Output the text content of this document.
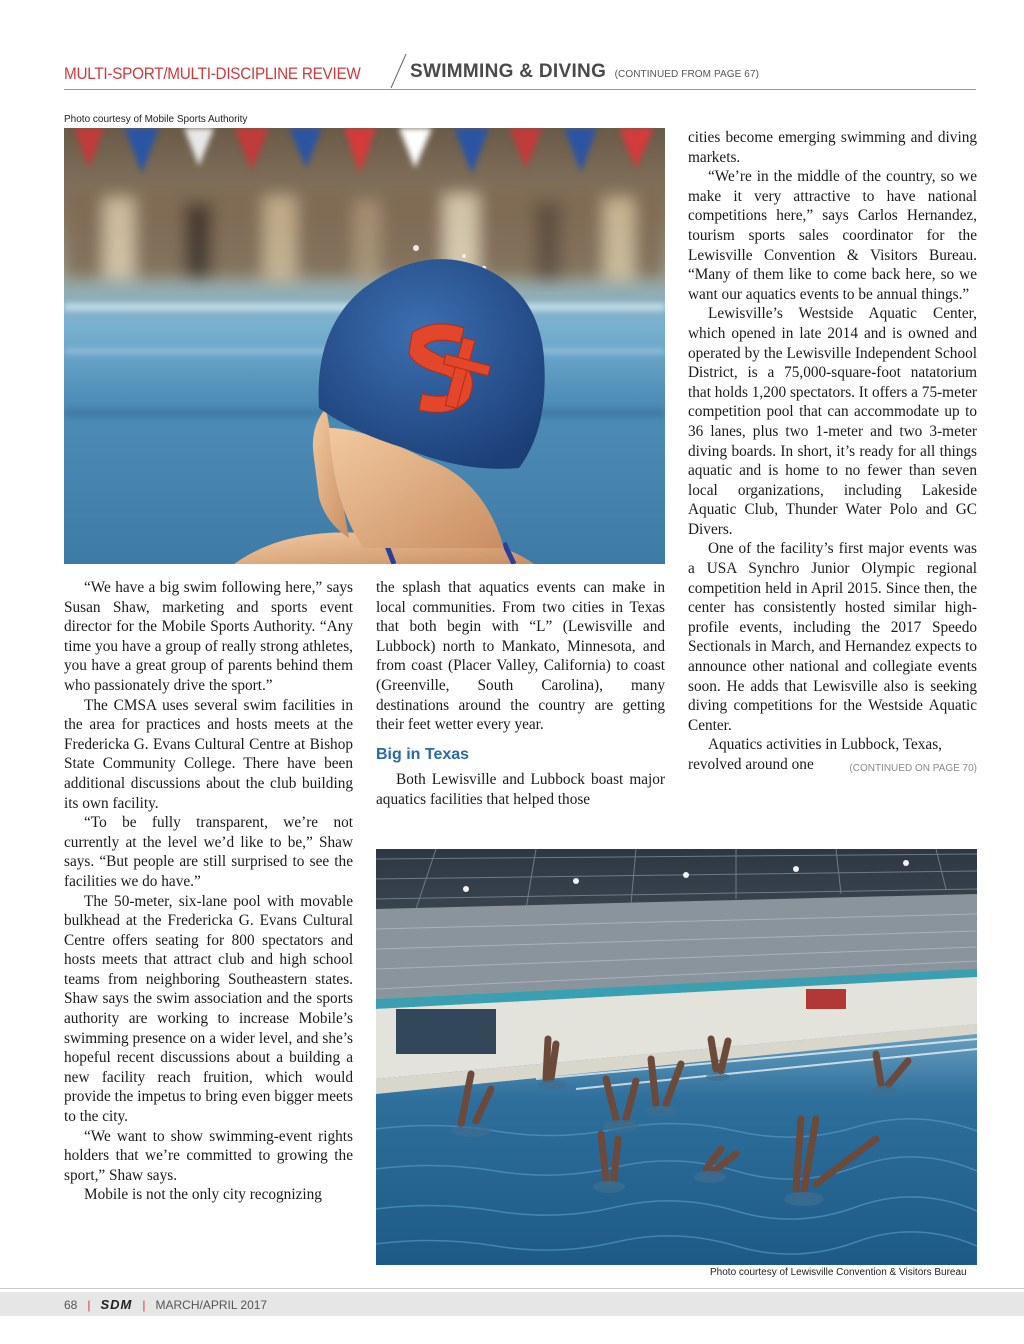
MULTI-SPORT/MULTI-DISCIPLINE REVIEW	SWIMMING & DIVING (CONTINUED FROM PAGE 67)
Photo courtesy of Mobile Sports Authority

“We have a big swim following here,” says Susan Shaw, marketing and sports event director for the Mobile Sports Authority. “Any time you have a group of really strong athletes, you have a great group of parents behind them who passionately drive the sport.”

The CMSA uses several swim facilities in the area for practices and hosts meets at the Fredericka G. Evans Cultural Centre at Bishop State Community College. There have been additional discussions about the club building its own facility.

“To be fully transparent, we’re not currently at the level we’d like to be,” Shaw says. “But people are still surprised to see the facilities we do have.”

The 50-meter, six-lane pool with movable bulkhead at the Fredericka G. Evans Cultural Centre offers seating for 800 spectators and hosts meets that attract club and high school teams from neighboring Southeastern states. Shaw says the swim association and the sports authority are working to increase Mobile’s swimming presence on a wider level, and she’s hopeful recent discussions about a building a new facility reach fruition, which would provide the impetus to bring even bigger meets to the city.

“We want to show swimming-event rights holders that we’re committed to growing the sport,” Shaw says.

Mobile is not the only city recognizing

the splash that aquatics events can make in local communities. From two cities in Texas that both begin with “L” (Lewisville and Lubbock) north to Mankato, Minnesota, and from coast (Placer Valley, California) to coast (Greenville, South Carolina), many destinations around the country are getting their feet wetter every year.

Big in Texas

Both Lewisville and Lubbock boast major aquatics facilities that helped those

cities become emerging swimming and diving markets.

“We’re in the middle of the country, so we make it very attractive to have national competitions here,” says Carlos Hernandez, tourism sports sales coordinator for the Lewisville Convention & Visitors Bureau. “Many of them like to come back here, so we want our aquatics events to be annual things.”

Lewisville’s Westside Aquatic Center, which opened in late 2014 and is owned and operated by the Lewisville Independent School District, is a 75,000-square-foot natatorium that holds 1,200 spectators. It offers a 75-meter competition pool that can accommodate up to 36 lanes, plus two 1-meter and two 3-meter diving boards. In short, it’s ready for all things aquatic and is home to no fewer than seven local organizations, including Lakeside Aquatic Club, Thunder Water Polo and GC Divers.

One of the facility’s first major events was a USA Synchro Junior Olympic regional competition held in April 2015. Since then, the center has consistently hosted similar high-profile events, including the 2017 Speedo Sectionals in March, and Hernandez expects to announce other national and collegiate events soon. He adds that Lewisville also is seeking diving competitions for the Westside Aquatic Center.

Aquatics activities in Lubbock, Texas, revolved around one	(CONTINUED ON PAGE 70)

Photo courtesy of Lewisville Convention & Visitors Bureau
68 | SDM | MARCH/APRIL 2017
